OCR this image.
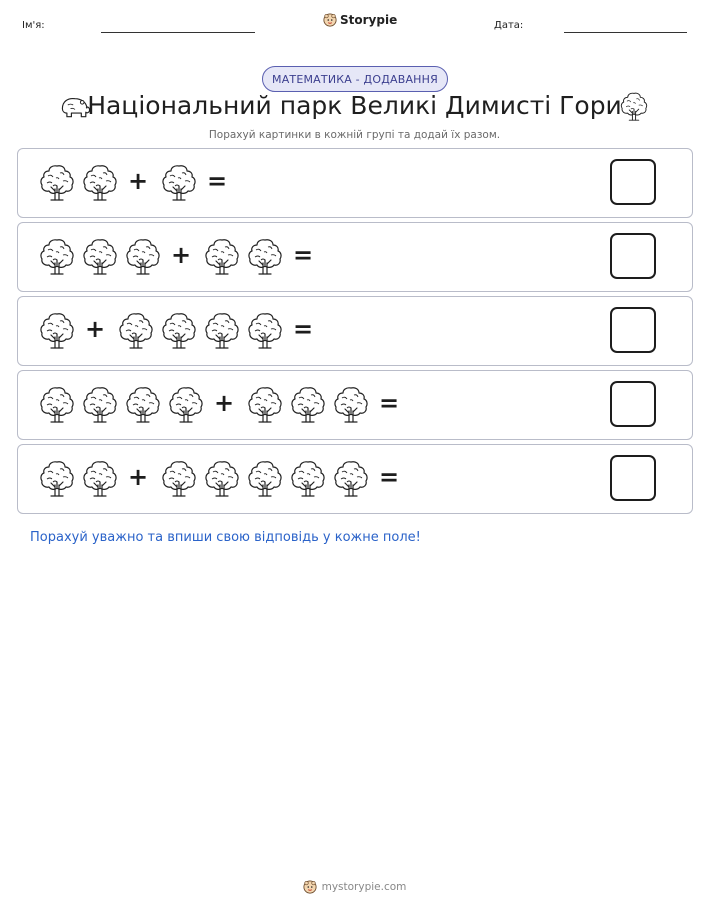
Ім'я:	Storypie	Дата:
МАТЕМАТИКА - ДОДАВАННЯ
Національний парк Великі Димисті Гори
Порахуй картинки в кожній групі та додай їх разом.
+ =
+	=
+	=
+	=
+	=
Порахуй уважно та впиши свою відповідь у кожне поле!
mystorypie.com
